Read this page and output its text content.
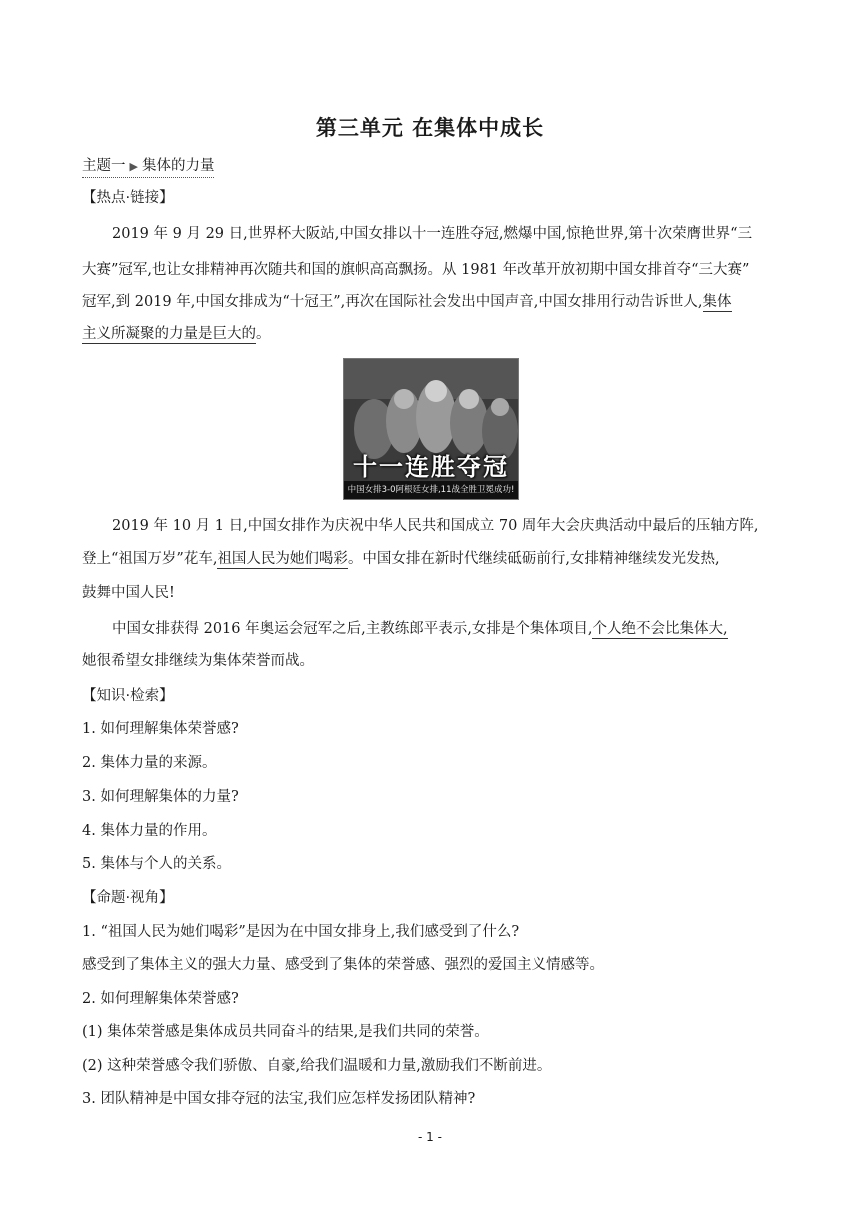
第三单元 在集体中成长
主题一 ▶ 集体的力量
【热点·链接】
2019 年 9 月 29 日,世界杯大阪站,中国女排以十一连胜夺冠,燃爆中国,惊艳世界,第十次荣膺世界“三
大赛”冠军,也让女排精神再次随共和国的旗帜高高飘扬。从 1981 年改革开放初期中国女排首夺“三大赛”
冠军,到 2019 年,中国女排成为“十冠王”,再次在国际社会发出中国声音,中国女排用行动告诉世人,集体
主义所凝聚的力量是巨大的。
十一连胜夺冠
中国女排3-0阿根廷女排,11战全胜卫冕成功!
2019 年 10 月 1 日,中国女排作为庆祝中华人民共和国成立 70 周年大会庆典活动中最后的压轴方阵,
登上“祖国万岁”花车,祖国人民为她们喝彩。中国女排在新时代继续砥砺前行,女排精神继续发光发热,
鼓舞中国人民!
中国女排获得 2016 年奥运会冠军之后,主教练郎平表示,女排是个集体项目,个人绝不会比集体大,
她很希望女排继续为集体荣誉而战。
【知识·检索】
1. 如何理解集体荣誉感?
2. 集体力量的来源。
3. 如何理解集体的力量?
4. 集体力量的作用。
5. 集体与个人的关系。
【命题·视角】
1. “祖国人民为她们喝彩”是因为在中国女排身上,我们感受到了什么?
感受到了集体主义的强大力量、感受到了集体的荣誉感、强烈的爱国主义情感等。
2. 如何理解集体荣誉感?
(1) 集体荣誉感是集体成员共同奋斗的结果,是我们共同的荣誉。
(2) 这种荣誉感令我们骄傲、自豪,给我们温暖和力量,激励我们不断前进。
3. 团队精神是中国女排夺冠的法宝,我们应怎样发扬团队精神?
- 1 -
